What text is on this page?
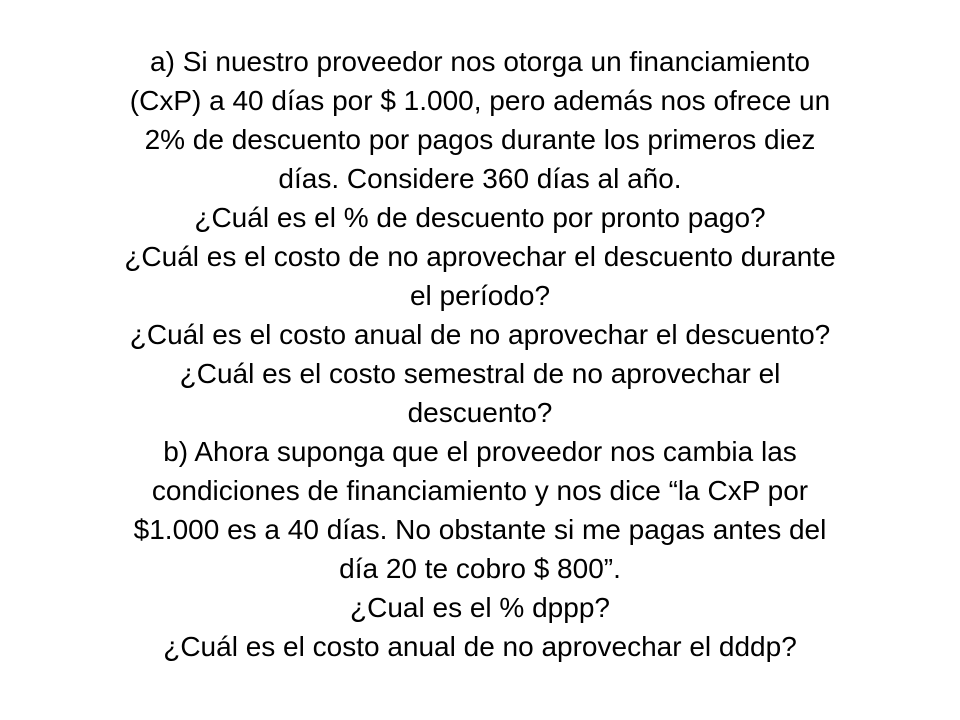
a) Si nuestro proveedor nos otorga un financiamiento
(CxP) a 40 días por $ 1.000, pero además nos ofrece un
2% de descuento por pagos durante los primeros diez
días. Considere 360 días al año.
¿Cuál es el % de descuento por pronto pago?
¿Cuál es el costo de no aprovechar el descuento durante
el período?
¿Cuál es el costo anual de no aprovechar el descuento?
¿Cuál es el costo semestral de no aprovechar el
descuento?
b) Ahora suponga que el proveedor nos cambia las
condiciones de financiamiento y nos dice “la CxP por
$1.000 es a 40 días. No obstante si me pagas antes del
día 20 te cobro $ 800”.
¿Cual es el % dppp?
¿Cuál es el costo anual de no aprovechar el dddp?
